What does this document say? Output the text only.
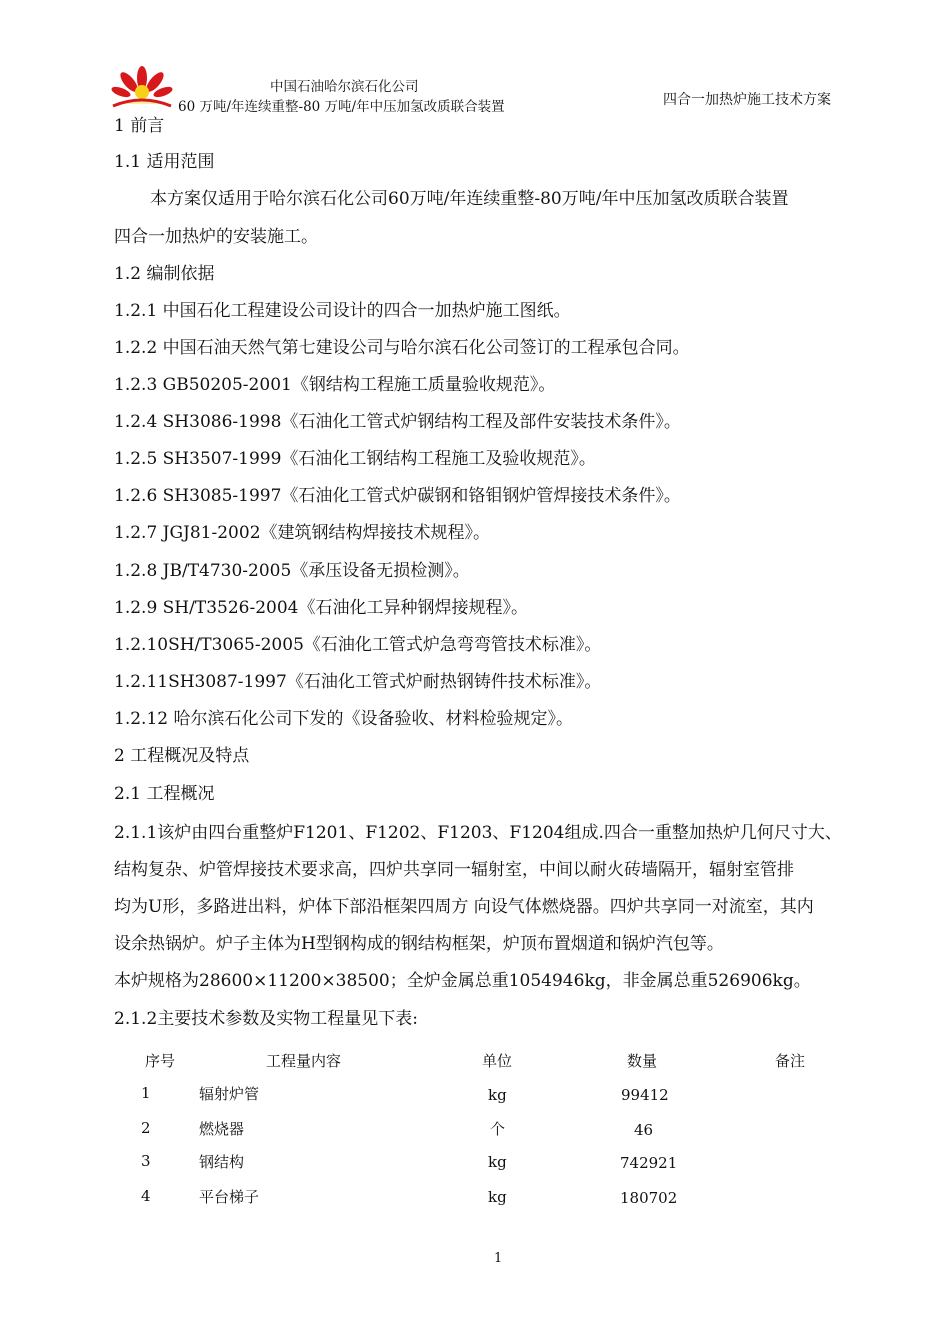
中国石油哈尔滨石化公司
60 万吨/年连续重整-80 万吨/年中压加氢改质联合装置	四合一加热炉施工技术方案
1 前言
1.1 适用范围
本方案仅适用于哈尔滨石化公司60万吨/年连续重整-80万吨/年中压加氢改质联合装置
四合一加热炉的安装施工。
1.2 编制依据
1.2.1 中国石化工程建设公司设计的四合一加热炉施工图纸。
1.2.2 中国石油天然气第七建设公司与哈尔滨石化公司签订的工程承包合同。
1.2.3 GB50205-2001《钢结构工程施工质量验收规范》。
1.2.4 SH3086-1998《石油化工管式炉钢结构工程及部件安装技术条件》。
1.2.5 SH3507-1999《石油化工钢结构工程施工及验收规范》。
1.2.6 SH3085-1997《石油化工管式炉碳钢和铬钼钢炉管焊接技术条件》。
1.2.7 JGJ81-2002《建筑钢结构焊接技术规程》。
1.2.8 JB/T4730-2005《承压设备无损检测》。
1.2.9 SH/T3526-2004《石油化工异种钢焊接规程》。
1.2.10SH/T3065-2005《石油化工管式炉急弯弯管技术标准》。
1.2.11SH3087-1997《石油化工管式炉耐热钢铸件技术标准》。
1.2.12 哈尔滨石化公司下发的《设备验收、材料检验规定》。
2 工程概况及特点
2.1 工程概况
2.1.1该炉由四台重整炉F1201、F1202、F1203、F1204组成.四合一重整加热炉几何尺寸大、
结构复杂、炉管焊接技术要求高，四炉共享同一辐射室，中间以耐火砖墙隔开，辐射室管排
均为U形，多路进出料，炉体下部沿框架四周方 向设气体燃烧器。四炉共享同一对流室，其内
设余热锅炉。炉子主体为H型钢构成的钢结构框架，炉顶布置烟道和锅炉汽包等。
本炉规格为28600×11200×38500；全炉金属总重1054946kg，非金属总重526906kg。
2.1.2主要技术参数及实物工程量见下表:
序号	工程量内容	单位	数量	备注
1	辐射炉管	kg	99412
2	燃烧器	个	46
3	钢结构	kg	742921
4	平台梯子	kg	180702
1
